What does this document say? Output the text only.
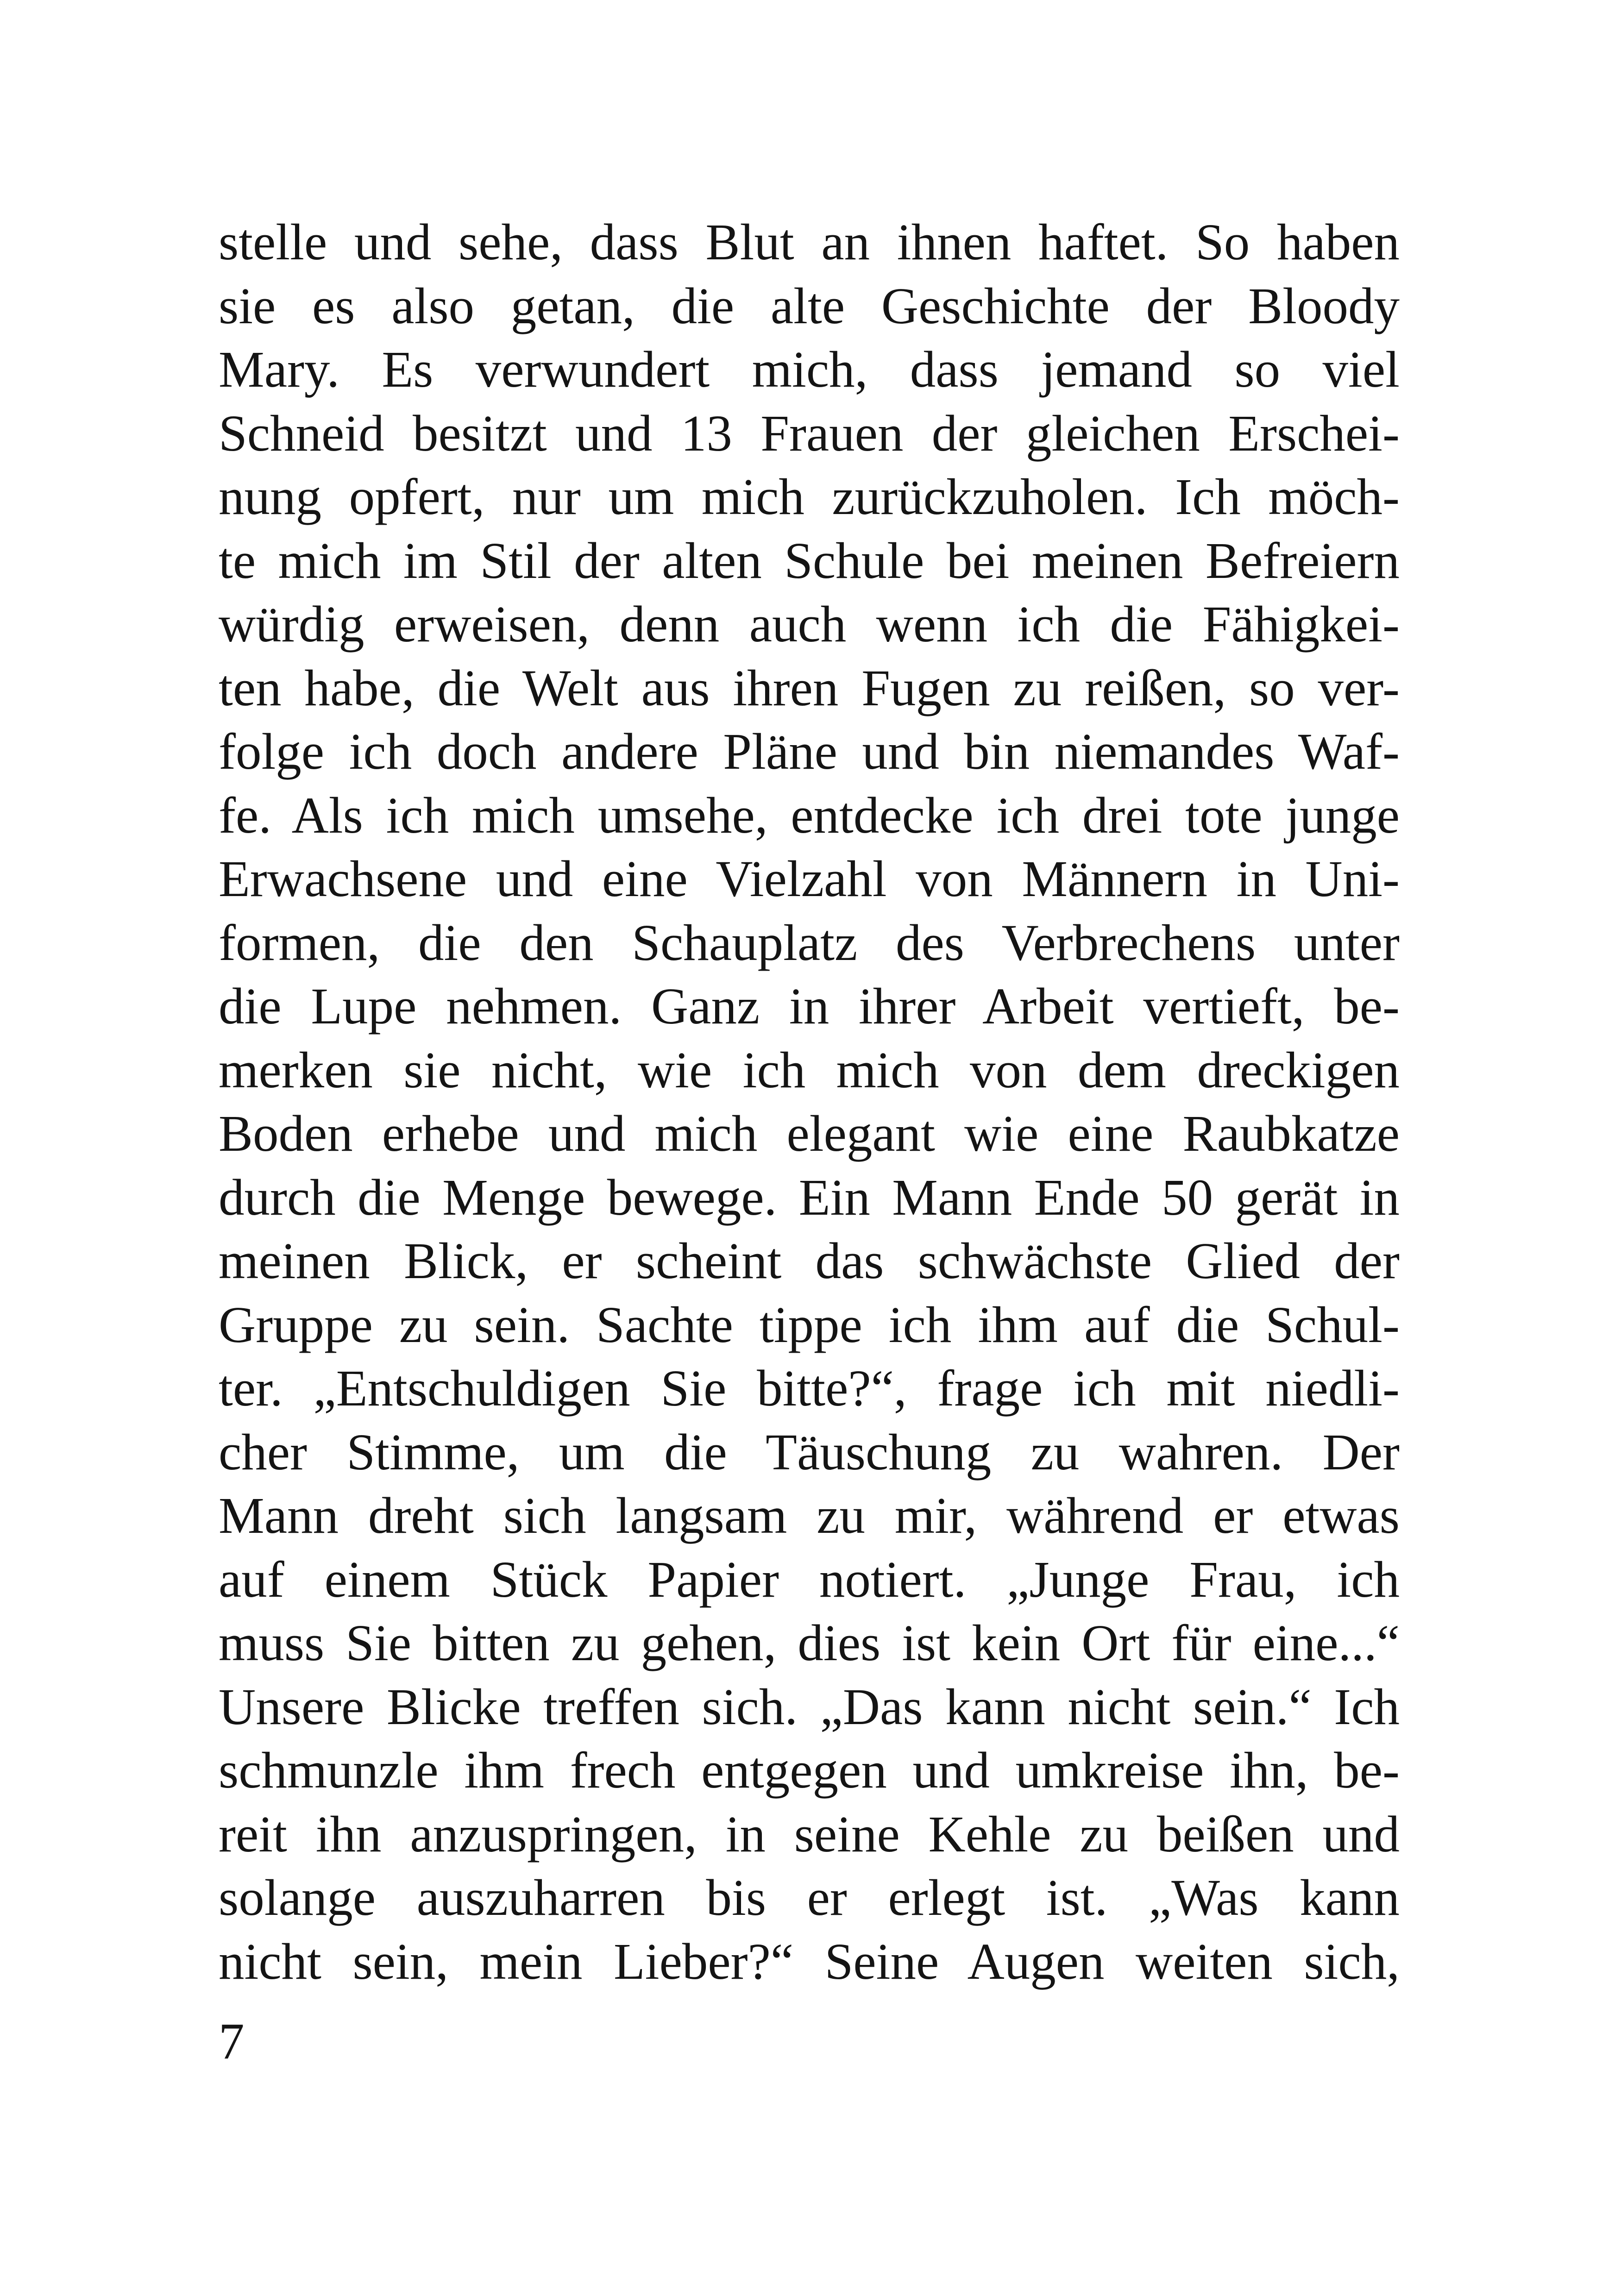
stelle und sehe, dass Blut an ihnen haftet. So haben
sie es also getan, die alte Geschichte der Bloody
Mary. Es verwundert mich, dass jemand so viel
Schneid besitzt und 13 Frauen der gleichen Erschei-
nung opfert, nur um mich zurückzuholen. Ich möch-
te mich im Stil der alten Schule bei meinen Befreiern
würdig erweisen, denn auch wenn ich die Fähigkei-
ten habe, die Welt aus ihren Fugen zu reißen, so ver-
folge ich doch andere Pläne und bin niemandes Waf-
fe. Als ich mich umsehe, entdecke ich drei tote junge
Erwachsene und eine Vielzahl von Männern in Uni-
formen, die den Schauplatz des Verbrechens unter
die Lupe nehmen. Ganz in ihrer Arbeit vertieft, be-
merken sie nicht, wie ich mich von dem dreckigen
Boden erhebe und mich elegant wie eine Raubkatze
durch die Menge bewege. Ein Mann Ende 50 gerät in
meinen Blick, er scheint das schwächste Glied der
Gruppe zu sein. Sachte tippe ich ihm auf die Schul-
ter. „Entschuldigen Sie bitte?“, frage ich mit niedli-
cher Stimme, um die Täuschung zu wahren. Der
Mann dreht sich langsam zu mir, während er etwas
auf einem Stück Papier notiert. „Junge Frau, ich
muss Sie bitten zu gehen, dies ist kein Ort für eine...“
Unsere Blicke treffen sich. „Das kann nicht sein.“ Ich
schmunzle ihm frech entgegen und umkreise ihn, be-
reit ihn anzuspringen, in seine Kehle zu beißen und
solange auszuharren bis er erlegt ist. „Was kann
nicht sein, mein Lieber?“ Seine Augen weiten sich,
7
